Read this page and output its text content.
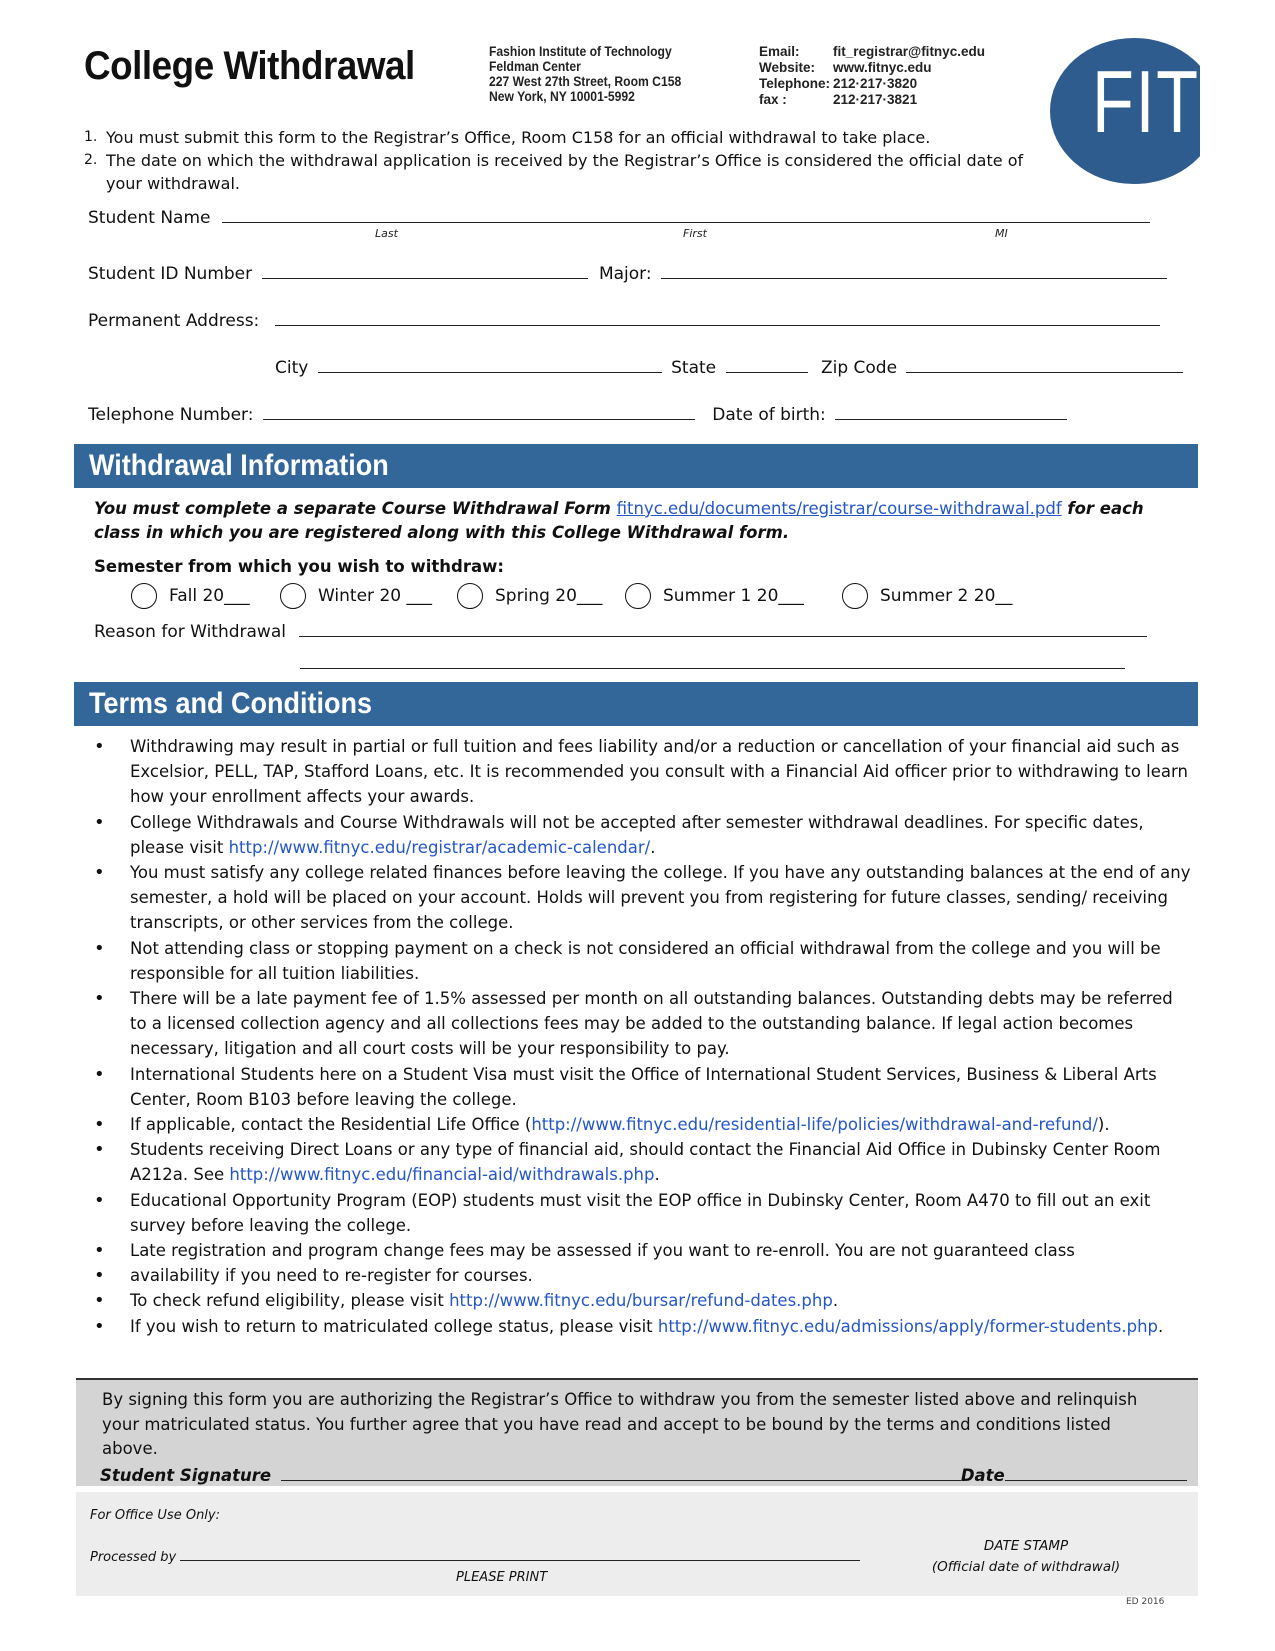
College Withdrawal	Fashion Institute of Technology
Feldman Center
227 West 27th Street, Room C158
New York, NY 10001-5992
Email:	fit_registrar@fitnyc.edu
Website:	www.fitnyc.edu
Telephone: 212·217·3820
fax :	212·217·3821 FIT
1. You must submit this form to the Registrar’s Office, Room C158 for an official withdrawal to take place.
2. The date on which the withdrawal application is received by the Registrar’s Office is considered the official date of your withdrawal.
Student Name
Last	First	MI
Student ID Number	Major:
Permanent Address:
City	State	Zip Code
Telephone Number:	Date of birth:
Withdrawal Information
You must complete a separate Course Withdrawal Form fitnyc.edu/documents/registrar/course-withdrawal.pdf for each class in which you are registered along with this College Withdrawal form.
Semester from which you wish to withdraw:
Fall 20___	Winter 20 ___	Spring 20___	Summer 1 20___	Summer 2 20__
Reason for Withdrawal
Terms and Conditions
• Withdrawing may result in partial or full tuition and fees liability and/or a reduction or cancellation of your financial aid such as Excelsior, PELL, TAP, Stafford Loans, etc. It is recommended you consult with a Financial Aid officer prior to withdrawing to learn how your enrollment affects your awards.
• College Withdrawals and Course Withdrawals will not be accepted after semester withdrawal deadlines. For specific dates, please visit http://www.fitnyc.edu/registrar/academic-calendar/.
• You must satisfy any college related finances before leaving the college. If you have any outstanding balances at the end of any semester, a hold will be placed on your account. Holds will prevent you from registering for future classes, sending/ receiving transcripts, or other services from the college.
• Not attending class or stopping payment on a check is not considered an official withdrawal from the college and you will be responsible for all tuition liabilities.
• There will be a late payment fee of 1.5% assessed per month on all outstanding balances. Outstanding debts may be referred to a licensed collection agency and all collections fees may be added to the outstanding balance. If legal action becomes necessary, litigation and all court costs will be your responsibility to pay.
• International Students here on a Student Visa must visit the Office of International Student Services, Business & Liberal Arts Center, Room B103 before leaving the college.
• If applicable, contact the Residential Life Office (http://www.fitnyc.edu/residential-life/policies/withdrawal-and-refund/).
• Students receiving Direct Loans or any type of financial aid, should contact the Financial Aid Office in Dubinsky Center Room A212a. See http://www.fitnyc.edu/financial-aid/withdrawals.php.
• Educational Opportunity Program (EOP) students must visit the EOP office in Dubinsky Center, Room A470 to fill out an exit survey before leaving the college.
• Late registration and program change fees may be assessed if you want to re-enroll. You are not guaranteed class
• availability if you need to re-register for courses.
• To check refund eligibility, please visit http://www.fitnyc.edu/bursar/refund-dates.php.
• If you wish to return to matriculated college status, please visit http://www.fitnyc.edu/admissions/apply/former-students.php.
By signing this form you are authorizing the Registrar’s Office to withdraw you from the semester listed above and relinquish your matriculated status. You further agree that you have read and accept to be bound by the terms and conditions listed above.
Student Signature	Date
For Office Use Only:
Processed by
PLEASE PRINT
DATE STAMP
(Official date of withdrawal)
ED 2016
